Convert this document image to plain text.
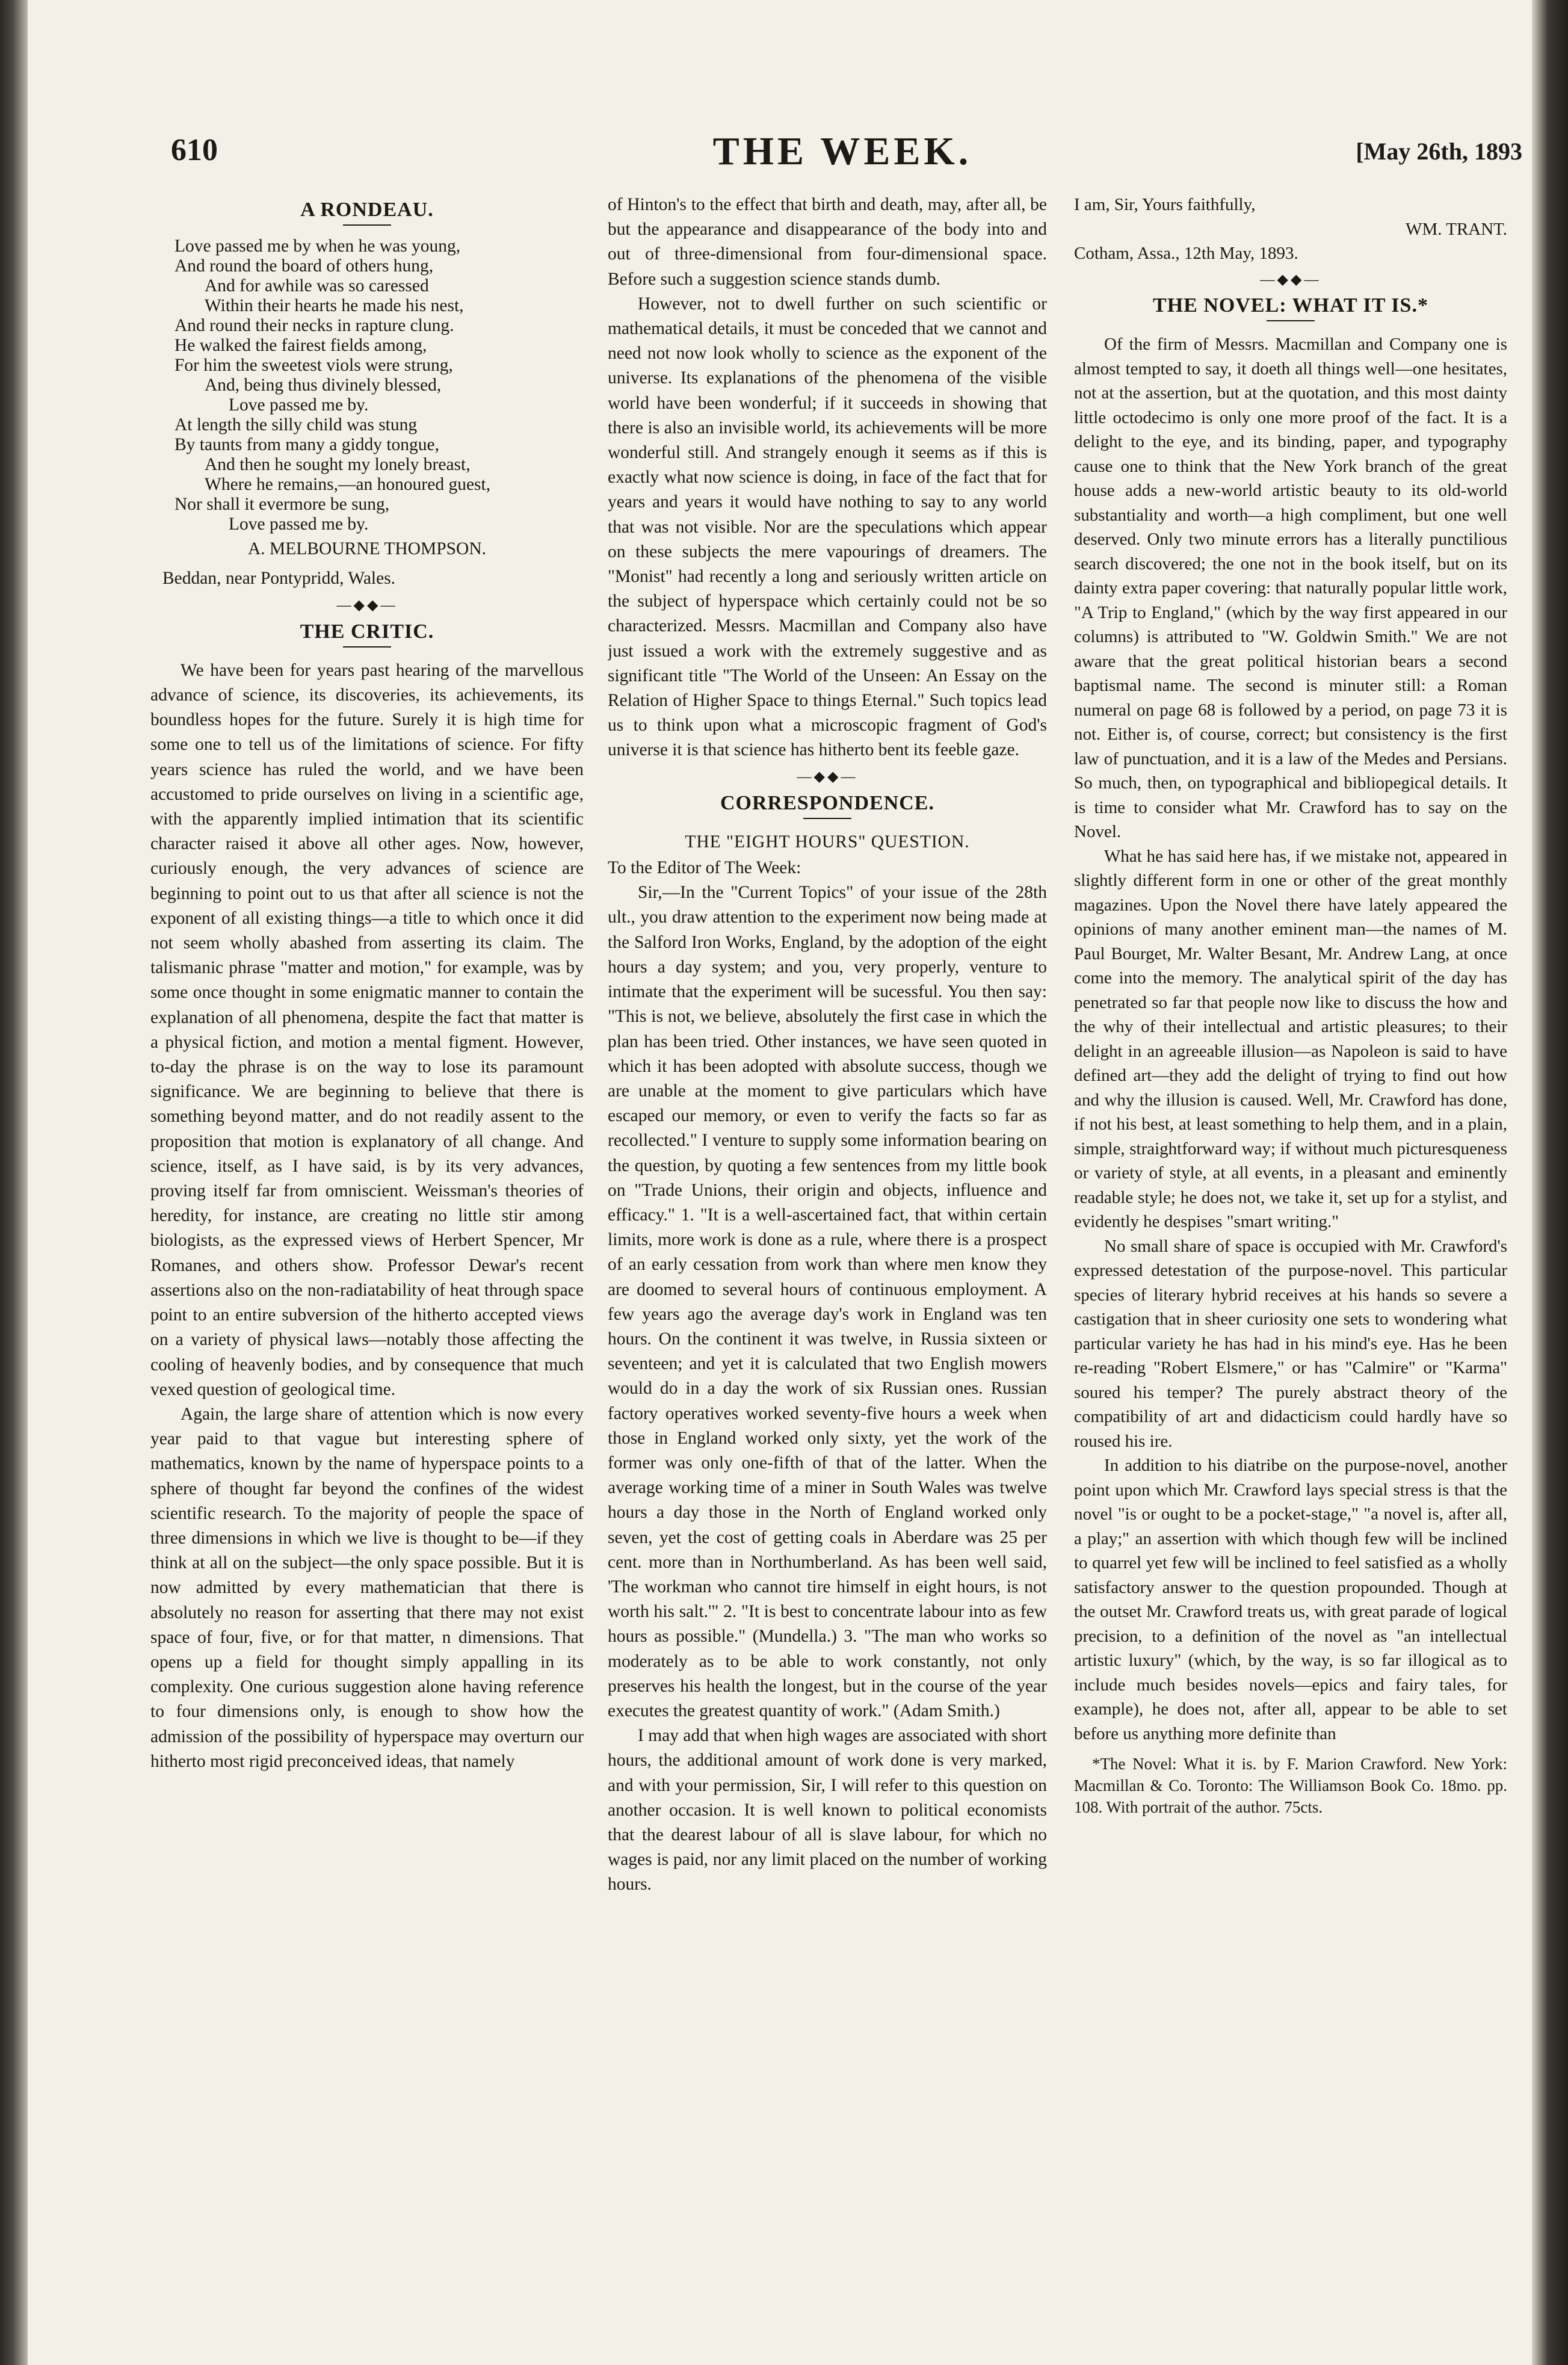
610	THE WEEK.	[May 26th, 1893
A RONDEAU.
Love passed me by when he was young,
And round the board of others hung,
And for awhile was so caressed
Within their hearts he made his nest,
And round their necks in rapture clung.
He walked the fairest fields among,
For him the sweetest viols were strung,
And, being thus divinely blessed,
Love passed me by.
At length the silly child was stung
By taunts from many a giddy tongue,
And then he sought my lonely breast,
Where he remains,—an honoured guest,
Nor shall it evermore be sung,
Love passed me by.
A. MELBOURNE THOMPSON.
Beddan, near Pontypridd, Wales.
—◆◆—
THE CRITIC.

We have been for years past hearing of the marvellous advance of science, its discoveries, its achievements, its boundless hopes for the future. Surely it is high time for some one to tell us of the limitations of science. For fifty years science has ruled the world, and we have been accustomed to pride ourselves on living in a scientific age, with the apparently implied intimation that its scientific character raised it above all other ages. Now, however, curiously enough, the very advances of science are beginning to point out to us that after all science is not the exponent of all existing things—a title to which once it did not seem wholly abashed from asserting its claim. The talismanic phrase "matter and motion," for example, was by some once thought in some enigmatic manner to contain the explanation of all phenomena, despite the fact that matter is a physical fiction, and motion a mental figment. However, to-day the phrase is on the way to lose its paramount significance. We are beginning to believe that there is something beyond matter, and do not readily assent to the proposition that motion is explanatory of all change. And science, itself, as I have said, is by its very advances, proving itself far from omniscient. Weissman's theories of heredity, for instance, are creating no little stir among biologists, as the expressed views of Herbert Spencer, Mr Romanes, and others show. Professor Dewar's recent assertions also on the non-radiatability of heat through space point to an entire subversion of the hitherto accepted views on a variety of physical laws—notably those affecting the cooling of heavenly bodies, and by consequence that much vexed question of geological time.

Again, the large share of attention which is now every year paid to that vague but interesting sphere of mathematics, known by the name of hyperspace points to a sphere of thought far beyond the confines of the widest scientific research. To the majority of people the space of three dimensions in which we live is thought to be—if they think at all on the subject—the only space possible. But it is now admitted by every mathematician that there is absolutely no reason for asserting that there may not exist space of four, five, or for that matter, n dimensions. That opens up a field for thought simply appalling in its complexity. One curious suggestion alone having reference to four dimensions only, is enough to show how the admission of the possibility of hyperspace may overturn our hitherto most rigid preconceived ideas, that namely

of Hinton's to the effect that birth and death, may, after all, be but the appearance and disappearance of the body into and out of three-dimensional from four-dimensional space. Before such a suggestion science stands dumb.

However, not to dwell further on such scientific or mathematical details, it must be conceded that we cannot and need not now look wholly to science as the exponent of the universe. Its explanations of the phenomena of the visible world have been wonderful; if it succeeds in showing that there is also an invisible world, its achievements will be more wonderful still. And strangely enough it seems as if this is exactly what now science is doing, in face of the fact that for years and years it would have nothing to say to any world that was not visible. Nor are the speculations which appear on these subjects the mere vapourings of dreamers. The "Monist" had recently a long and seriously written article on the subject of hyperspace which certainly could not be so characterized. Messrs. Macmillan and Company also have just issued a work with the extremely suggestive and as significant title "The World of the Unseen: An Essay on the Relation of Higher Space to things Eternal." Such topics lead us to think upon what a microscopic fragment of God's universe it is that science has hitherto bent its feeble gaze.

—◆◆—
CORRESPONDENCE.
THE "EIGHT HOURS" QUESTION.
To the Editor of The Week:

Sir,—In the "Current Topics" of your issue of the 28th ult., you draw attention to the experiment now being made at the Salford Iron Works, England, by the adoption of the eight hours a day system; and you, very properly, venture to intimate that the experiment will be sucessful. You then say: "This is not, we believe, absolutely the first case in which the plan has been tried. Other instances, we have seen quoted in which it has been adopted with absolute success, though we are unable at the moment to give particulars which have escaped our memory, or even to verify the facts so far as recollected." I venture to supply some information bearing on the question, by quoting a few sentences from my little book on "Trade Unions, their origin and objects, influence and efficacy." 1. "It is a well-ascertained fact, that within certain limits, more work is done as a rule, where there is a prospect of an early cessation from work than where men know they are doomed to several hours of continuous employment. A few years ago the average day's work in England was ten hours. On the continent it was twelve, in Russia sixteen or seventeen; and yet it is calculated that two English mowers would do in a day the work of six Russian ones. Russian factory operatives worked seventy-five hours a week when those in England worked only sixty, yet the work of the former was only one-fifth of that of the latter. When the average working time of a miner in South Wales was twelve hours a day those in the North of England worked only seven, yet the cost of getting coals in Aberdare was 25 per cent. more than in Northumberland. As has been well said, 'The workman who cannot tire himself in eight hours, is not worth his salt.'" 2. "It is best to concentrate labour into as few hours as possible." (Mundella.) 3. "The man who works so moderately as to be able to work constantly, not only preserves his health the longest, but in the course of the year executes the greatest quantity of work." (Adam Smith.)

I may add that when high wages are associated with short hours, the additional amount of work done is very marked, and with your permission, Sir, I will refer to this question on another occasion. It is well known to political economists that the dearest labour of all is slave labour, for which no wages is paid, nor any limit placed on the number of working hours.

I am, Sir, Yours faithfully,

WM. TRANT.

Cotham, Assa., 12th May, 1893.

—◆◆—
THE NOVEL: WHAT IT IS.*

Of the firm of Messrs. Macmillan and Company one is almost tempted to say, it doeth all things well—one hesitates, not at the assertion, but at the quotation, and this most dainty little octodecimo is only one more proof of the fact. It is a delight to the eye, and its binding, paper, and typography cause one to think that the New York branch of the great house adds a new-world artistic beauty to its old-world substantiality and worth—a high compliment, but one well deserved. Only two minute errors has a literally punctilious search discovered; the one not in the book itself, but on its dainty extra paper covering: that naturally popular little work, "A Trip to England," (which by the way first appeared in our columns) is attributed to "W. Goldwin Smith." We are not aware that the great political historian bears a second baptismal name. The second is minuter still: a Roman numeral on page 68 is followed by a period, on page 73 it is not. Either is, of course, correct; but consistency is the first law of punctuation, and it is a law of the Medes and Persians. So much, then, on typographical and bibliopegical details. It is time to consider what Mr. Crawford has to say on the Novel.

What he has said here has, if we mistake not, appeared in slightly different form in one or other of the great monthly magazines. Upon the Novel there have lately appeared the opinions of many another eminent man—the names of M. Paul Bourget, Mr. Walter Besant, Mr. Andrew Lang, at once come into the memory. The analytical spirit of the day has penetrated so far that people now like to discuss the how and the why of their intellectual and artistic pleasures; to their delight in an agreeable illusion—as Napoleon is said to have defined art—they add the delight of trying to find out how and why the illusion is caused. Well, Mr. Crawford has done, if not his best, at least something to help them, and in a plain, simple, straightforward way; if without much picturesqueness or variety of style, at all events, in a pleasant and eminently readable style; he does not, we take it, set up for a stylist, and evidently he despises "smart writing."

No small share of space is occupied with Mr. Crawford's expressed detestation of the purpose-novel. This particular species of literary hybrid receives at his hands so severe a castigation that in sheer curiosity one sets to wondering what particular variety he has had in his mind's eye. Has he been re-reading "Robert Elsmere," or has "Calmire" or "Karma" soured his temper? The purely abstract theory of the compatibility of art and didacticism could hardly have so roused his ire.

In addition to his diatribe on the purpose-novel, another point upon which Mr. Crawford lays special stress is that the novel "is or ought to be a pocket-stage," "a novel is, after all, a play;" an assertion with which though few will be inclined to quarrel yet few will be inclined to feel satisfied as a wholly satisfactory answer to the question propounded. Though at the outset Mr. Crawford treats us, with great parade of logical precision, to a definition of the novel as "an intellectual artistic luxury" (which, by the way, is so far illogical as to include much besides novels—epics and fairy tales, for example), he does not, after all, appear to be able to set before us anything more definite than

*The Novel: What it is. by F. Marion Crawford. New York: Macmillan & Co. Toronto: The Williamson Book Co. 18mo. pp. 108. With portrait of the author. 75cts.
